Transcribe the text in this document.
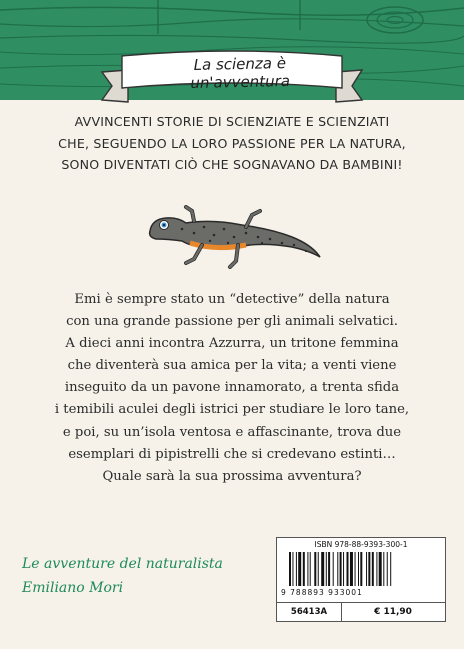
La scienza è un'avventura
AVVINCENTI STORIE DI SCIENZIATE E SCIENZIATI
CHE, SEGUENDO LA LORO PASSIONE PER LA NATURA,
SONO DIVENTATI CIÒ CHE SOGNAVANO DA BAMBINI!
Emi è sempre stato un “detective” della natura
con una grande passione per gli animali selvatici.
A dieci anni incontra Azzurra, un tritone femmina
che diventerà sua amica per la vita; a venti viene
inseguito da un pavone innamorato, a trenta sfida
i temibili aculei degli istrici per studiare le loro tane,
e poi, su un’isola ventosa e affascinante, trova due
esemplari di pipistrelli che si credevano estinti…
Quale sarà la sua prossima avventura?
Le avventure del naturalista
Emiliano Mori
ISBN 978-88-9393-300-1
9 788893 933001
56413A	€ 11,90
